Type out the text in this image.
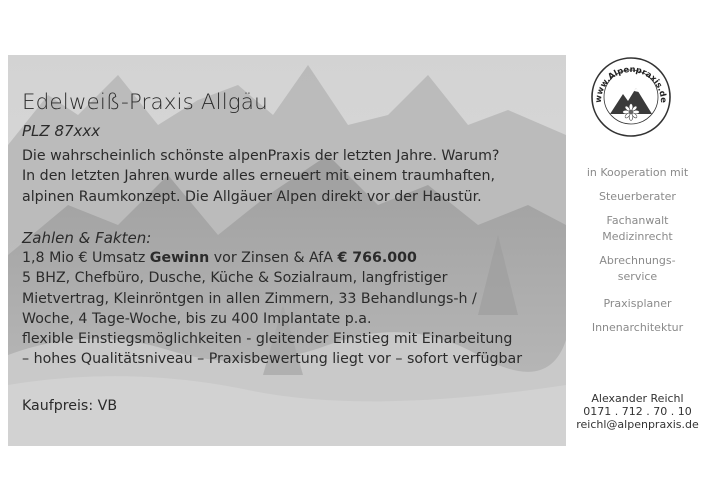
Edelweiß-Praxis Allgäu
PLZ 87xxx
Die wahrscheinlich schönste alpenPraxis der letzten Jahre. Warum?
In den letzten Jahren wurde alles erneuert mit einem traumhaften,
alpinen Raumkonzept. Die Allgäuer Alpen direkt vor der Haustür.
Zahlen & Fakten:
1,8 Mio € Umsatz Gewinn vor Zinsen & AfA € 766.000
5 BHZ, Chefbüro, Dusche, Küche & Sozialraum, langfristiger
Mietvertrag, Kleinröntgen in allen Zimmern, 33 Behandlungs-h /
Woche, 4 Tage-Woche, bis zu 400 Implantate p.a.
flexible Einstiegsmöglichkeiten - gleitender Einstieg mit Einarbeitung
– hohes Qualitätsniveau – Praxisbewertung liegt vor – sofort verfügbar
Kaufpreis: VB
www.Alpenpraxis.de
in Kooperation mit
Steuerberater
Fachanwalt
Medizinrecht
Abrechnungs-
service
Praxisplaner
Innenarchitektur
Alexander Reichl
0171 . 712 . 70 . 10
reichl@alpenpraxis.de
